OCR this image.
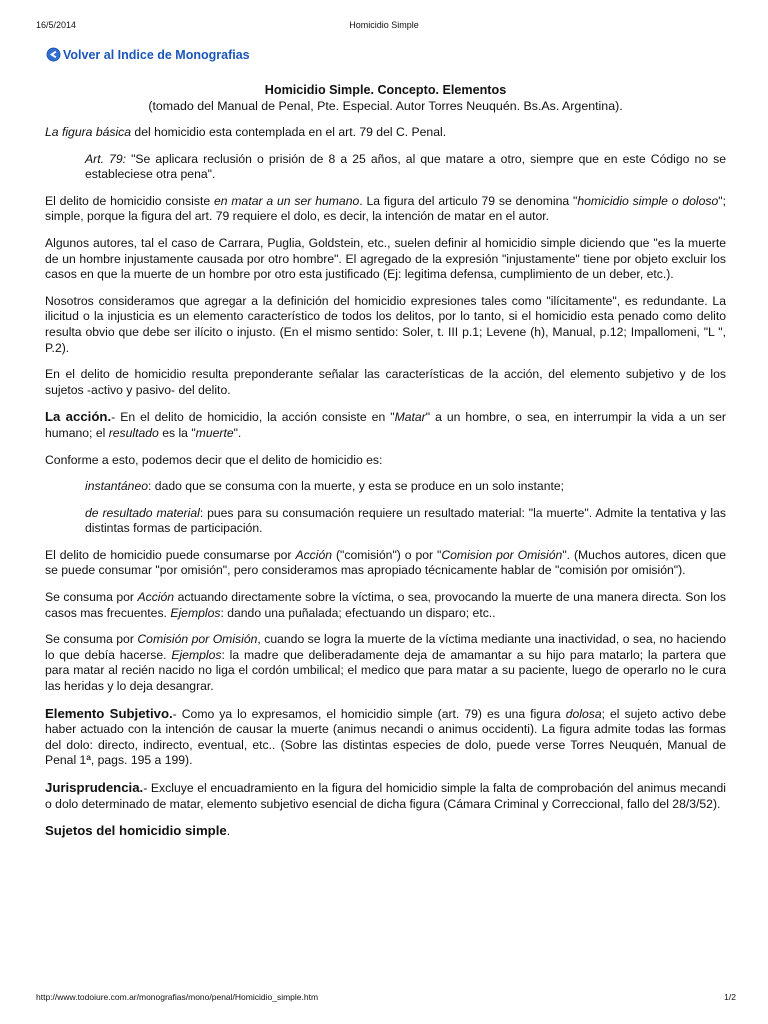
16/5/2014	Homicidio Simple
Volver al Indice de Monografias
Homicidio Simple. Concepto. Elementos
(tomado del Manual de Penal, Pte. Especial. Autor Torres Neuquén. Bs.As. Argentina).

La figura básica del homicidio esta contemplada en el art. 79 del C. Penal.

Art. 79: "Se aplicara reclusión o prisión de 8 a 25 años, al que matare a otro, siempre que en este Código no se estableciese otra pena".

El delito de homicidio consiste en matar a un ser humano. La figura del articulo 79 se denomina "homicidio simple o doloso"; simple, porque la figura del art. 79 requiere el dolo, es decir, la intención de matar en el autor.

Algunos autores, tal el caso de Carrara, Puglia, Goldstein, etc., suelen definir al homicidio simple diciendo que "es la muerte de un hombre injustamente causada por otro hombre". El agregado de la expresión "injustamente" tiene por objeto excluir los casos en que la muerte de un hombre por otro esta justificado (Ej: legitima defensa, cumplimiento de un deber, etc.).

Nosotros consideramos que agregar a la definición del homicidio expresiones tales como "ilícitamente", es redundante. La ilicitud o la injusticia es un elemento característico de todos los delitos, por lo tanto, si el homicidio esta penado como delito resulta obvio que debe ser ilícito o injusto. (En el mismo sentido: Soler, t. III p.1; Levene (h), Manual, p.12; Impallomeni, "L ", P.2).

En el delito de homicidio resulta preponderante señalar las características de la acción, del elemento subjetivo y de los sujetos -activo y pasivo- del delito.

La acción.- En el delito de homicidio, la acción consiste en "Matar" a un hombre, o sea, en interrumpir la vida a un ser humano; el resultado es la "muerte".

Conforme a esto, podemos decir que el delito de homicidio es:

instantáneo: dado que se consuma con la muerte, y esta se produce en un solo instante;

de resultado material: pues para su consumación requiere un resultado material: "la muerte". Admite la tentativa y las distintas formas de participación.

El delito de homicidio puede consumarse por Acción ("comisión") o por "Comision por Omisión". (Muchos autores, dicen que se puede consumar "por omisión", pero consideramos mas apropiado técnicamente hablar de "comisión por omisión").

Se consuma por Acción actuando directamente sobre la víctima, o sea, provocando la muerte de una manera directa. Son los casos mas frecuentes. Ejemplos: dando una puñalada; efectuando un disparo; etc..

Se consuma por Comisión por Omisión, cuando se logra la muerte de la víctima mediante una inactividad, o sea, no haciendo lo que debía hacerse. Ejemplos: la madre que deliberadamente deja de amamantar a su hijo para matarlo; la partera que para matar al recién nacido no liga el cordón umbilical; el medico que para matar a su paciente, luego de operarlo no le cura las heridas y lo deja desangrar.

Elemento Subjetivo.- Como ya lo expresamos, el homicidio simple (art. 79) es una figura dolosa; el sujeto activo debe haber actuado con la intención de causar la muerte (animus necandi o animus occidenti). La figura admite todas las formas del dolo: directo, indirecto, eventual, etc.. (Sobre las distintas especies de dolo, puede verse Torres Neuquén, Manual de Penal 1ª, pags. 195 a 199).

Jurisprudencia.- Excluye el encuadramiento en la figura del homicidio simple la falta de comprobación del animus mecandi o dolo determinado de matar, elemento subjetivo esencial de dicha figura (Cámara Criminal y Correccional, fallo del 28/3/52).

Sujetos del homicidio simple.

http://www.todoiure.com.ar/monografias/mono/penal/Homicidio_simple.htm	1/2
